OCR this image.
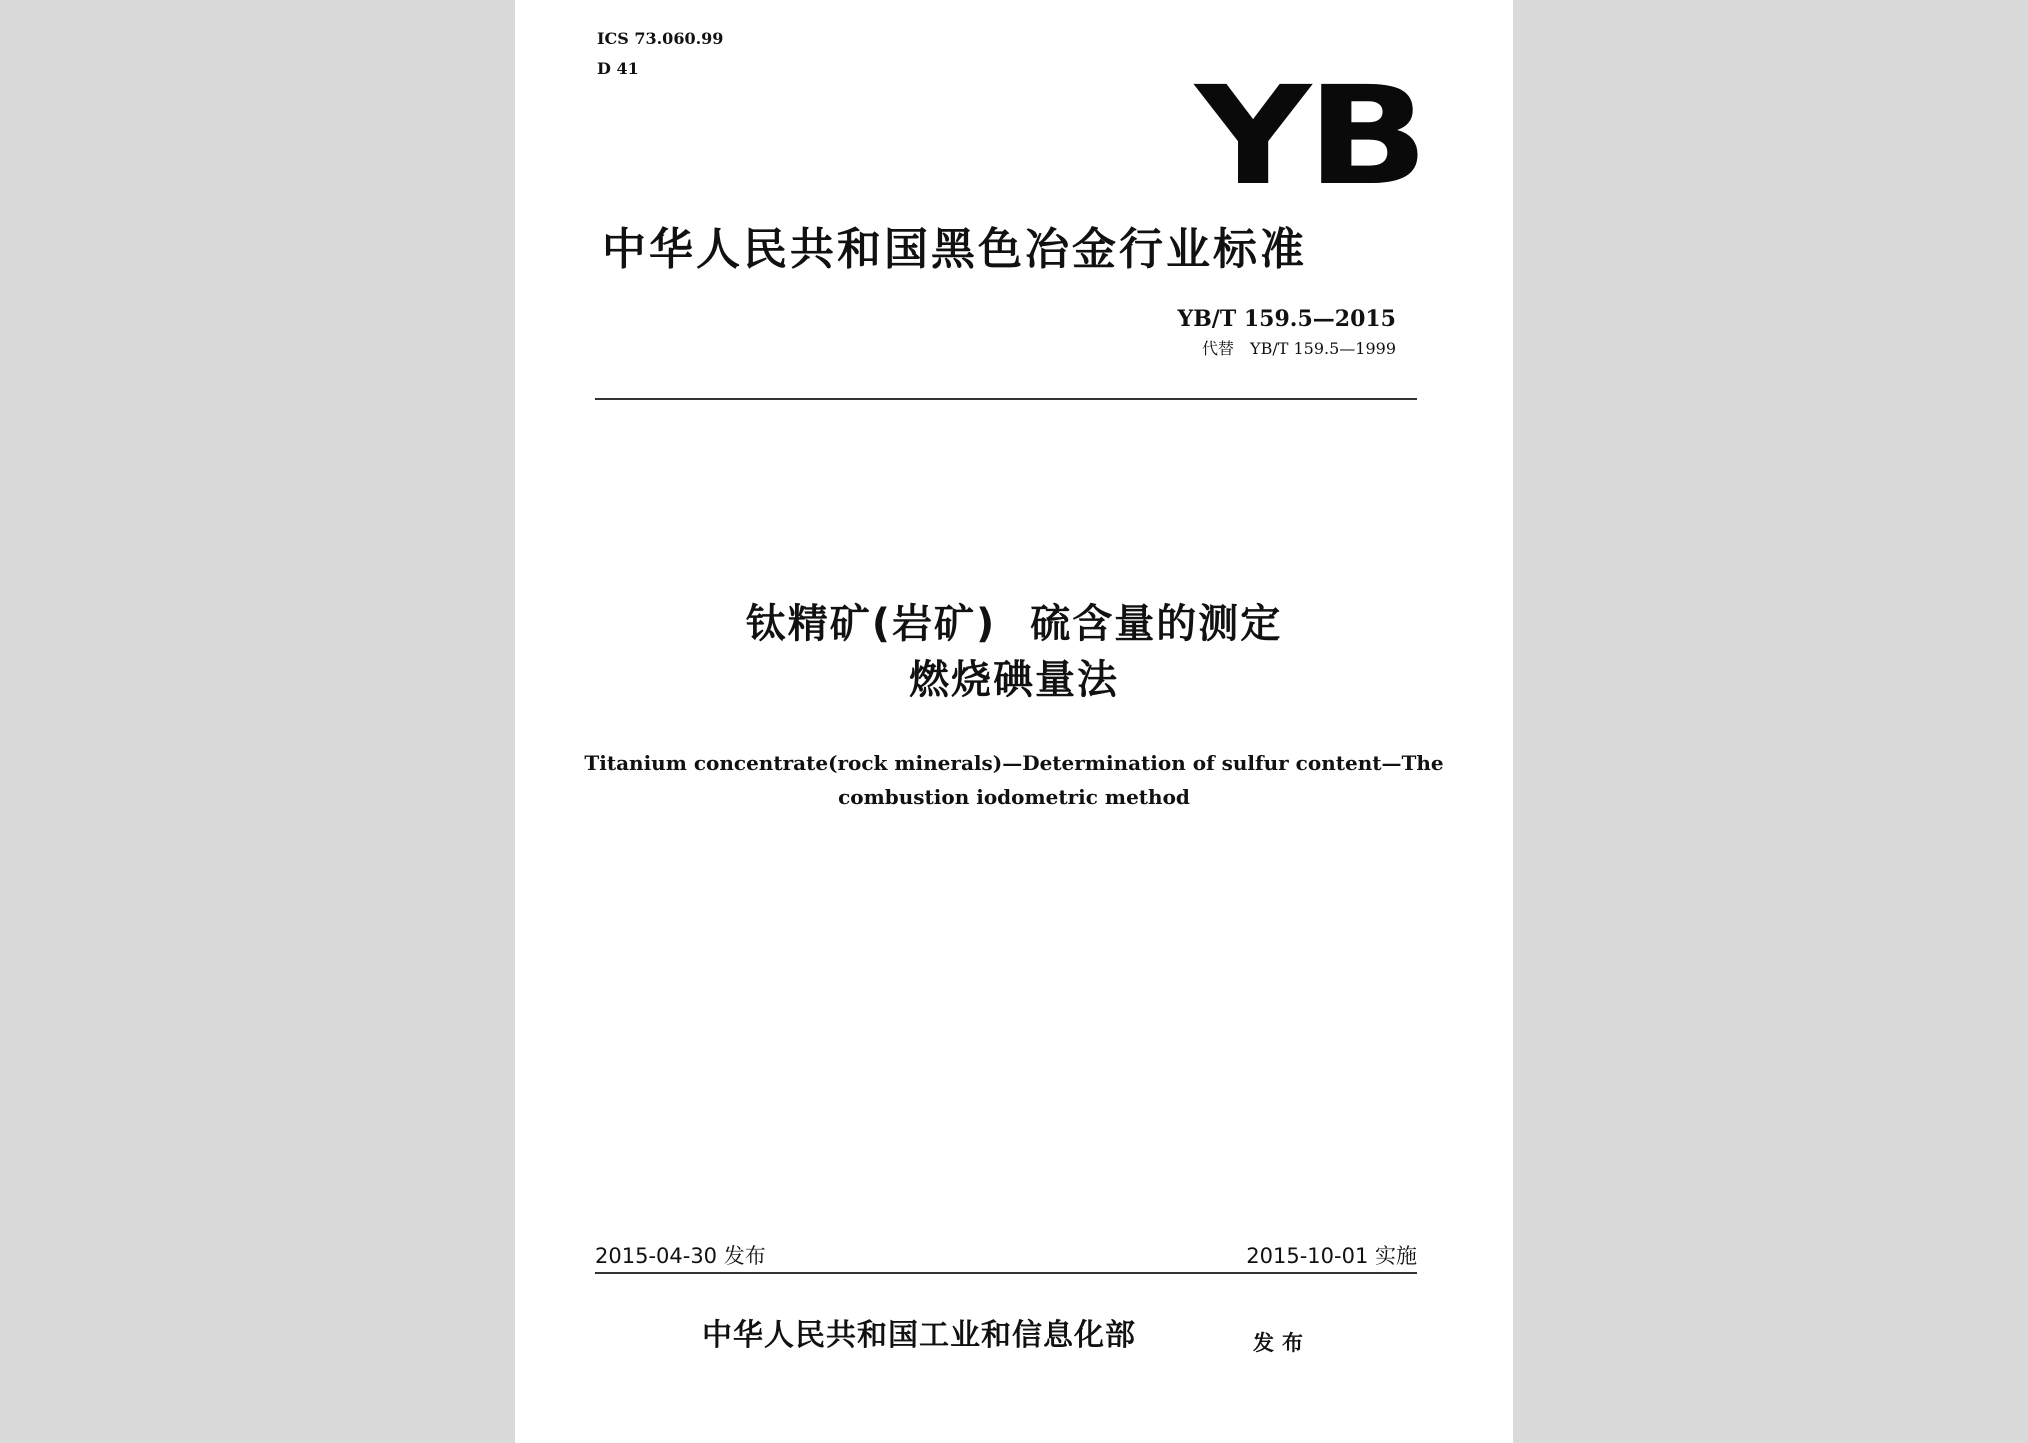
ICS 73.060.99
D 41	YB
中华人民共和国黑色冶金行业标准
YB/T 159.5—2015
代替 YB/T 159.5—1999
钛精矿(岩矿) 硫含量的测定
燃烧碘量法
Titanium concentrate(rock minerals)—Determination of sulfur content—The
combustion iodometric method
2015-04-30 发布	2015-10-01 实施
中华人民共和国工业和信息化部	发布
